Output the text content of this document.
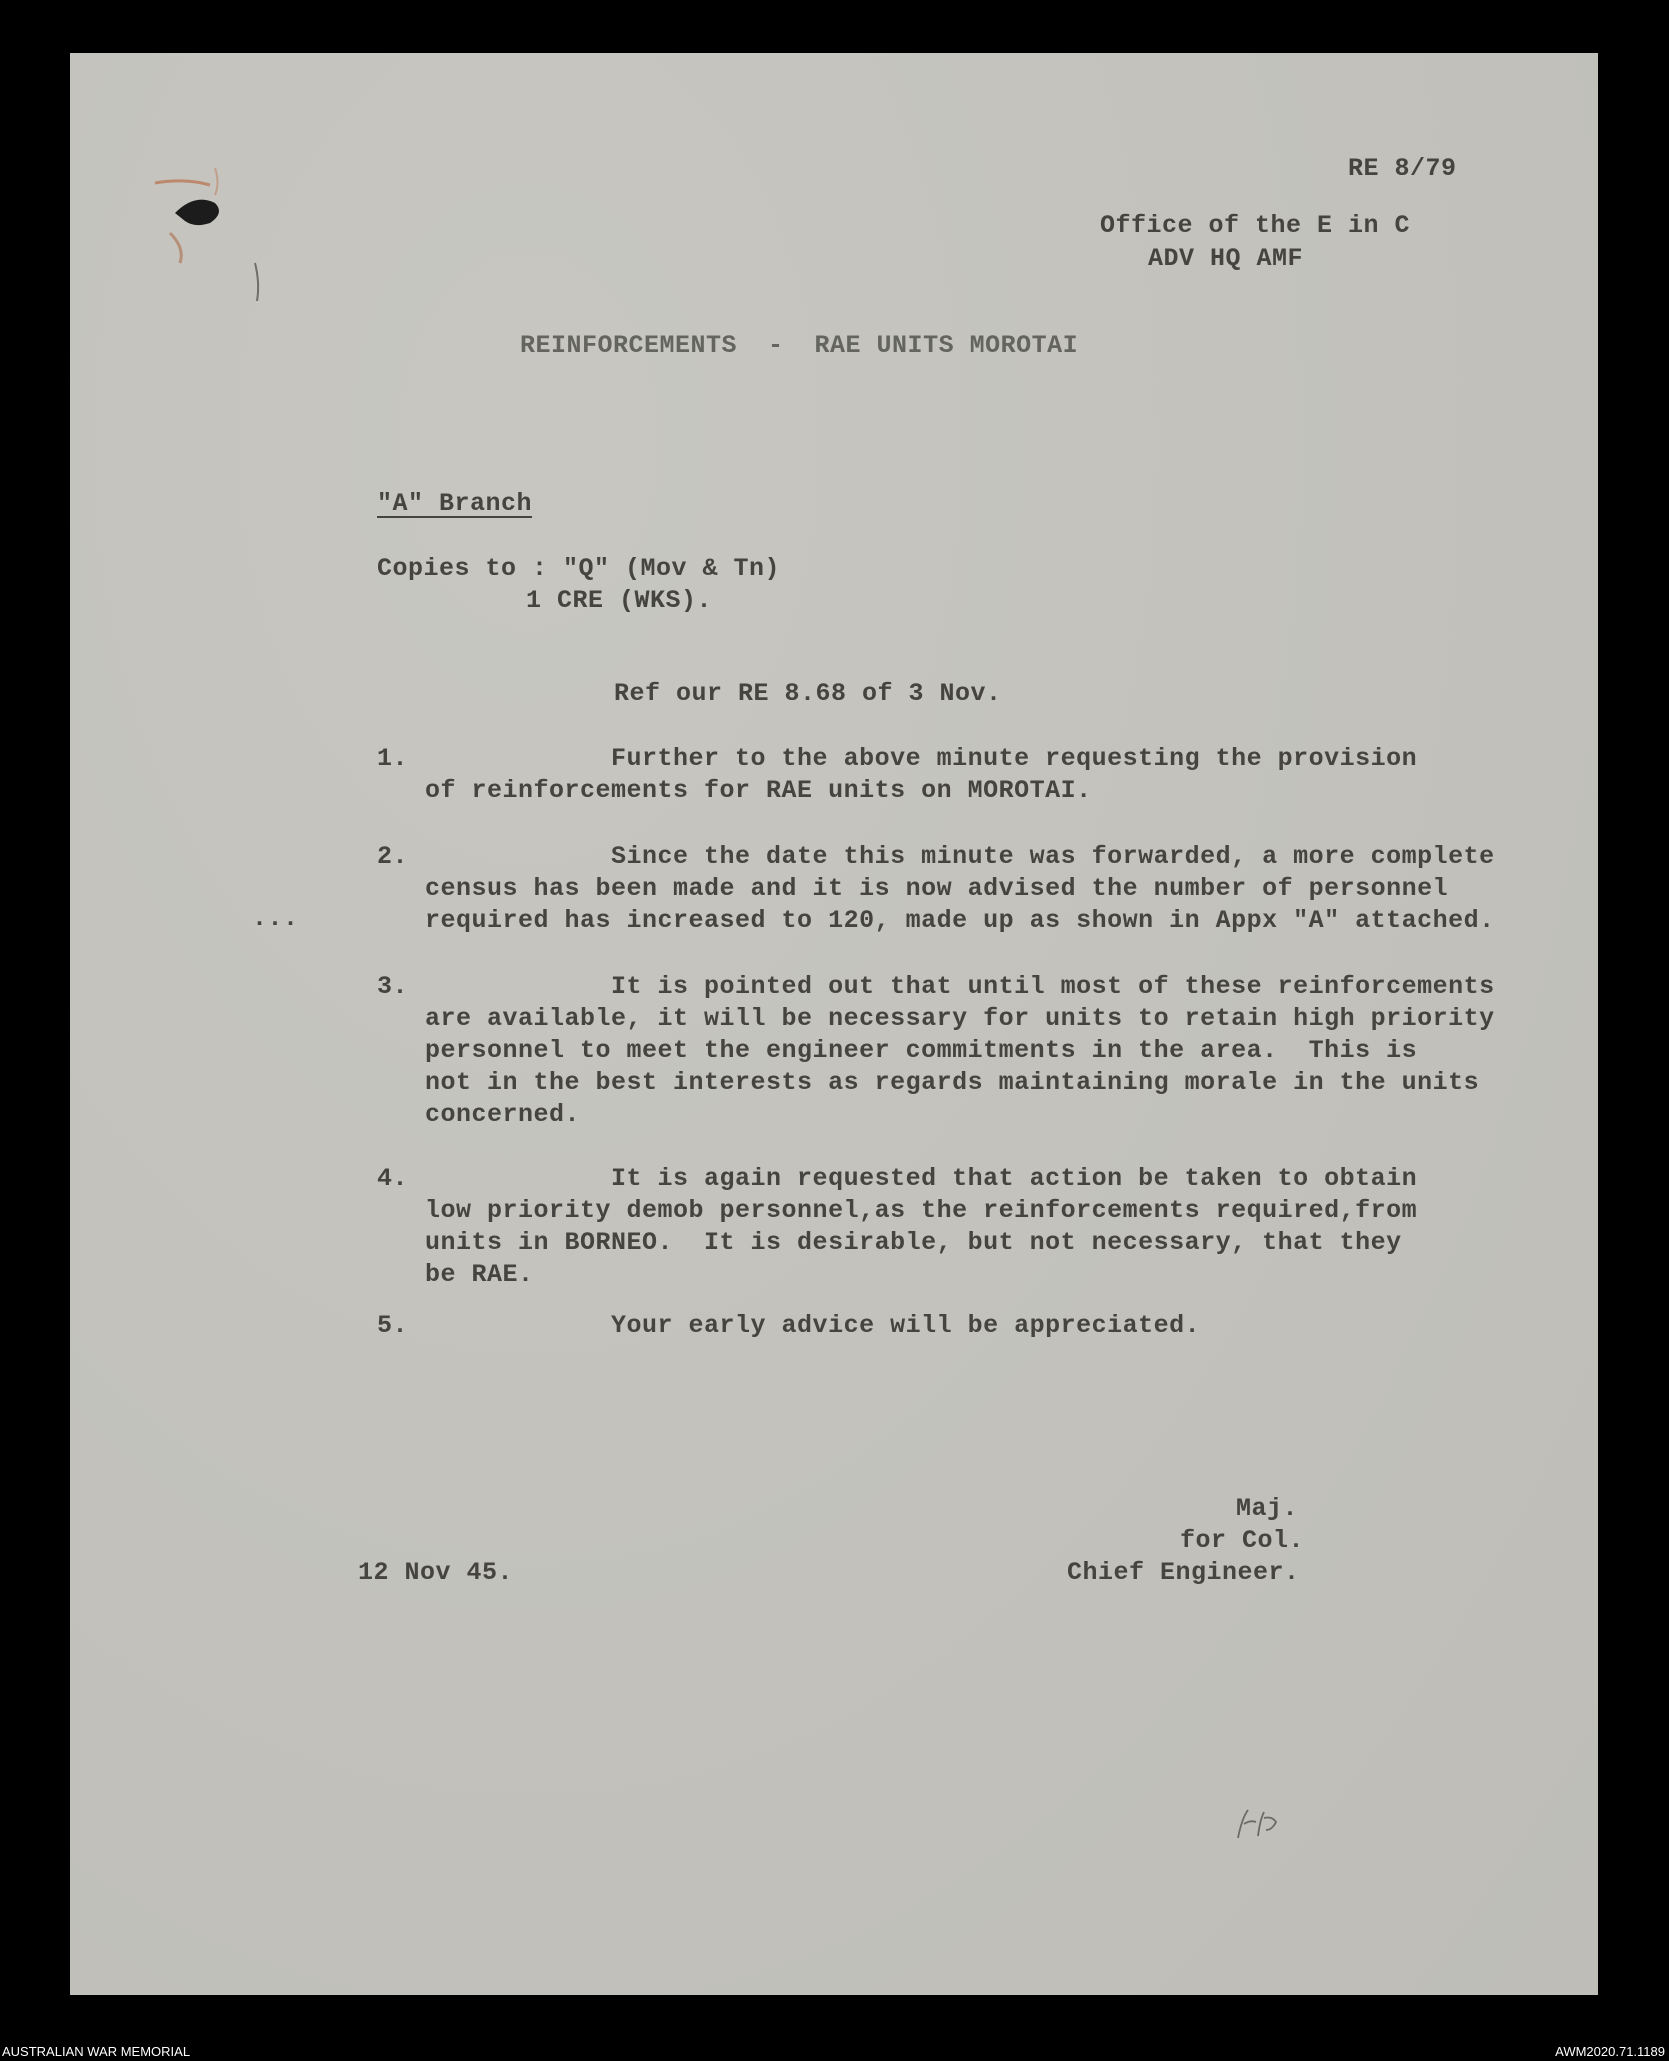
RE 8/79
Office of the E in C
ADV HQ AMF
REINFORCEMENTS  -  RAE UNITS MOROTAI
"A" Branch
Copies to : "Q" (Mov & Tn)
1 CRE (WKS).
Ref our RE 8.68 of 3 Nov.
...
1. Further to the above minute requesting the provision
of reinforcements for RAE units on MOROTAI.
2. Since the date this minute was forwarded, a more complete
census has been made and it is now advised the number of personnel
required has increased to 120, made up as shown in Appx "A" attached.
3. It is pointed out that until most of these reinforcements
are available, it will be necessary for units to retain high priority
personnel to meet the engineer commitments in the area.  This is
not in the best interests as regards maintaining morale in the units
concerned.
4. It is again requested that action be taken to obtain
low priority demob personnel,as the reinforcements required,from
units in BORNEO.  It is desirable, but not necessary, that they
be RAE.
5. Your early advice will be appreciated.
Maj.
for Col.
Chief Engineer.
12 Nov 45.
AUSTRALIAN WAR MEMORIAL	AWM2020.71.1189
